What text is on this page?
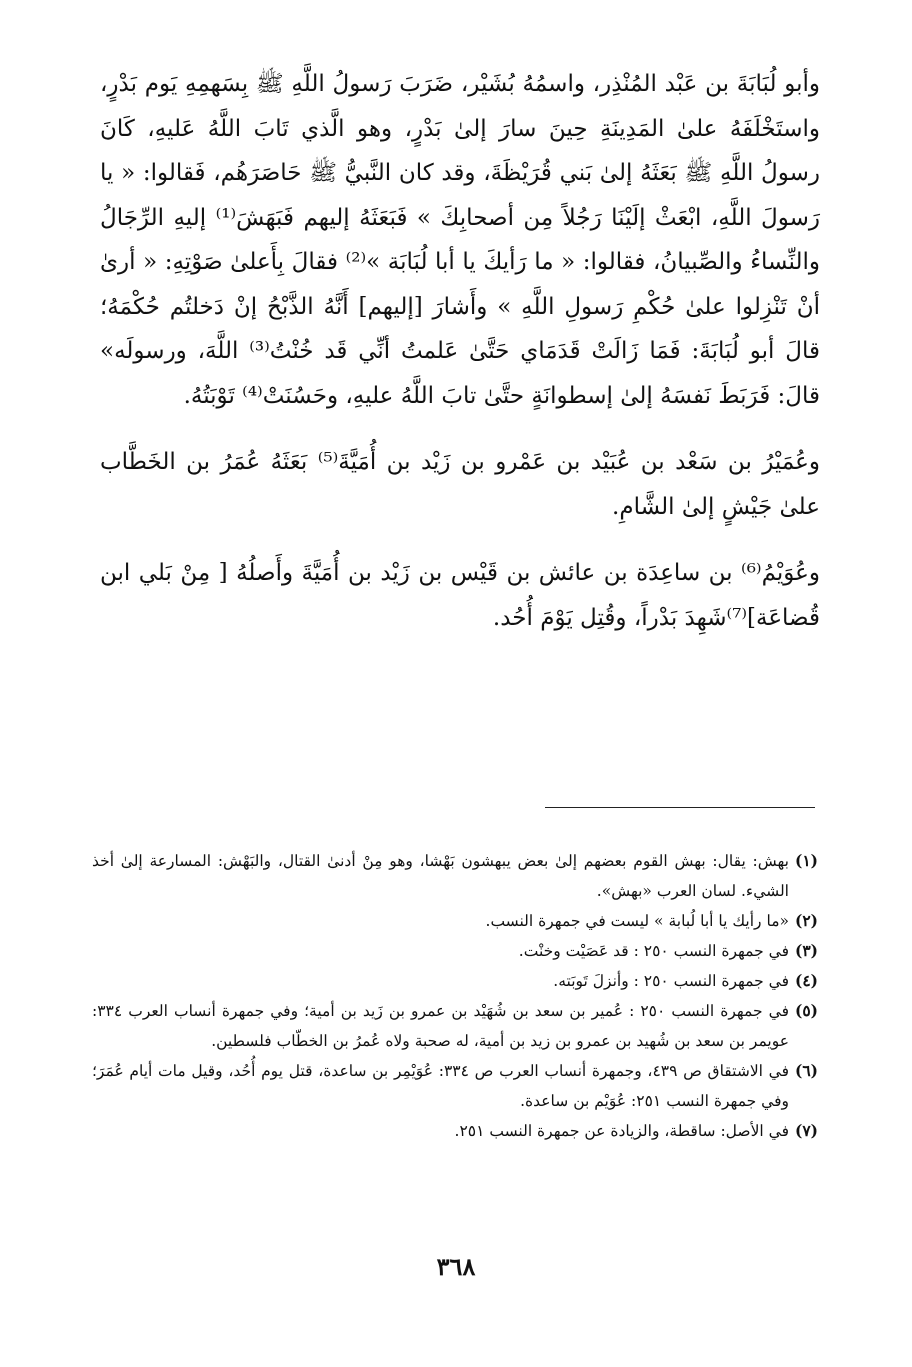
وأبو لُبَابَةَ بن عَبْد المُنْذِر، واسمُهُ بُشَيْر، ضَرَبَ رَسولُ اللَّهِ ﷺ بِسَهمِهِ يَوم بَدْرٍ، واستَخْلَفَهُ علىٰ المَدِينَةِ حِينَ سارَ إلىٰ بَدْرٍ، وهو الَّذي تَابَ اللَّهُ عَليهِ، كَانَ رسولُ اللَّهِ ﷺ بَعَثَهُ إلىٰ بَني قُرَيْظَةَ، وقد كان النَّبيُّ ﷺ حَاصَرَهُم، فَقالوا: « يا رَسولَ اللَّهِ، ابْعَثْ إلَيْنَا رَجُلاً مِن أصحابِكَ » فَبَعَثَهُ إليهم فَبَهَشَ⁽¹⁾ إليهِ الرِّجَالُ والنِّساءُ والصِّبيانُ، فقالوا: « ما رَأيكَ يا أبا لُبَابَة »⁽²⁾ فقالَ بِأَعلىٰ صَوْتِهِ: « أرىٰ أنْ تَنْزِلوا علىٰ حُكْمِ رَسولِ اللَّهِ » وأَشارَ [إليهم] أَنَّهُ الذَّبْحُ إنْ دَخلتُم حُكْمَهُ؛ قالَ أبو لُبَابَةَ: فَمَا زَالَتْ قَدَمَاي حَتَّىٰ عَلمتُ أنِّي قَد خُنْتُ⁽³⁾ اللَّهَ، ورسولَه» قالَ: فَرَبَطَ نَفسَهُ إلىٰ إسطوانَةٍ حتَّىٰ تابَ اللَّهُ عليهِ، وحَسُنَتْ⁽⁴⁾ تَوْبَتُهُ.

وعُمَيْرُ بن سَعْد بن عُبَيْد بن عَمْرو بن زَيْد بن أُمَيَّةَ⁽⁵⁾ بَعَثَهُ عُمَرُ بن الخَطَّاب علىٰ جَيْشٍ إلىٰ الشَّامِ.

وعُوَيْمُ⁽⁶⁾ بن ساعِدَة بن عائش بن قَيْس بن زَيْد بن أُمَيَّةَ وأَصلُهُ [ مِنْ بَلي ابن قُضاعَة]⁽⁷⁾شَهِدَ بَدْراً، وقُتِل يَوْمَ أُحُد.

(١)
بهش: يقال: بهش القوم بعضهم إلىٰ بعض يبهشون بَهْشا، وهو مِنْ أدنىٰ القتال، والبَهْش: المسارعة إلىٰ أخذ الشيء. لسان العرب «بهش».
(٢)
«ما رأيك يا أبا لُبابة » ليست في جمهرة النسب.
(٣)
في جمهرة النسب ٢٥٠ : قد عَصَيْت وخنْت.
(٤)
في جمهرة النسب ٢٥٠ : وأنزلَ تَوبَته.
(٥)
في جمهرة النسب ٢٥٠ : عُمير بن سعد بن شُهَيْد بن عمرو بن زَيد بن أمية؛ وفي جمهرة أنساب العرب ٣٣٤: عويمر بن سعد بن شُهيد بن عمرو بن زيد بن أمية، له صحبة ولاه عُمرُ بن الخطّاب فلسطين.
(٦)
في الاشتقاق ص ٤٣٩، وجمهرة أنساب العرب ص ٣٣٤: عُوَيْمِر بن ساعدة، قتل يوم أُحُد، وقيل مات أيام عُمَرَ؛ وفي جمهرة النسب ٢٥١: عُوَيْم بن ساعدة.
(٧)
في الأصل: ساقطة، والزيادة عن جمهرة النسب ٢٥١.
٣٦٨
